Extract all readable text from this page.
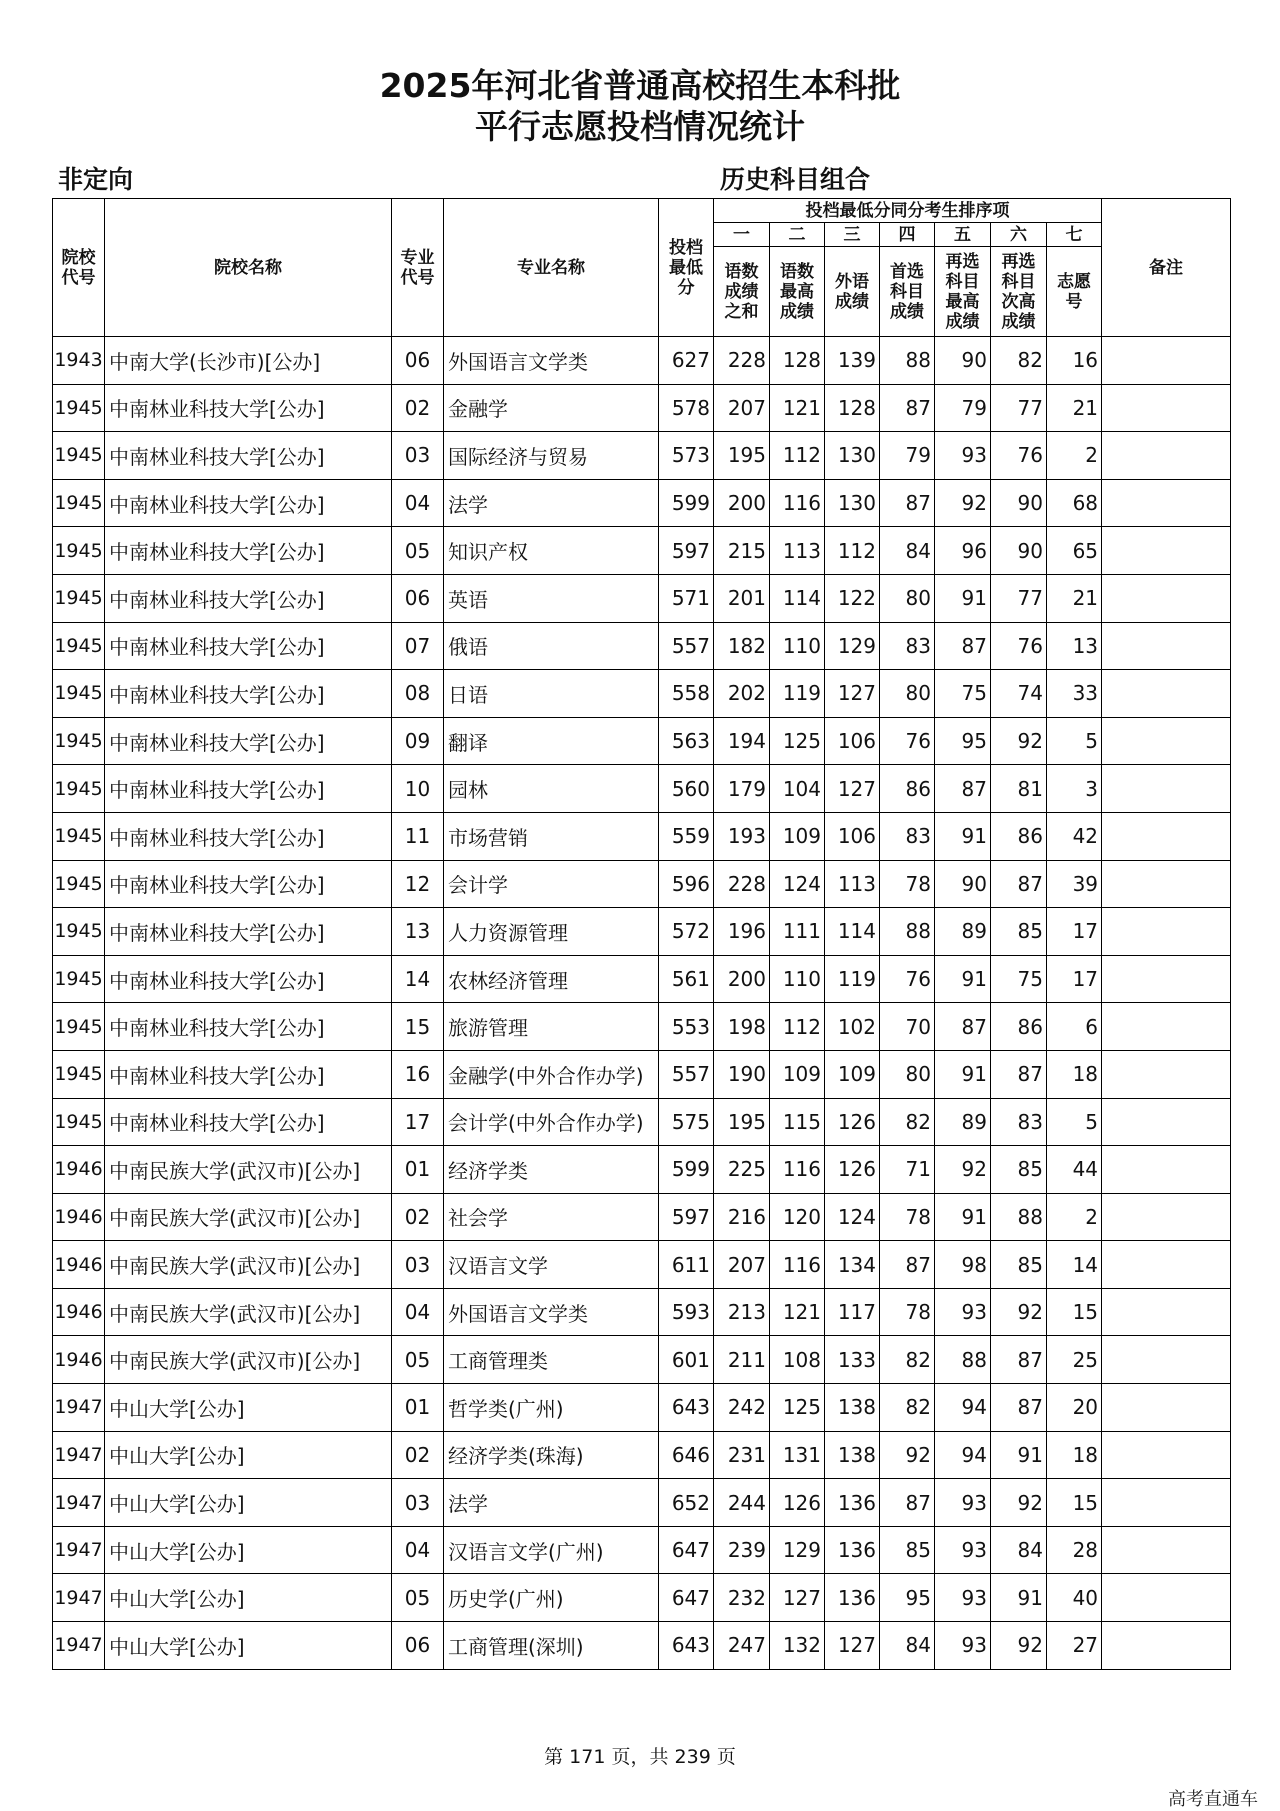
2025年河北省普通高校招生本科批
平行志愿投档情况统计
非定向	历史科目组合
院校代号	院校名称	专业代号	专业名称	投档最低分	投档最低分同分考生排序项							备注
					一	二	三	四	五	六	七	
					语数成绩之和	语数最高成绩	外语成绩	首选科目成绩	再选科目最高成绩	再选科目次高成绩	志愿号	
1943	中南大学(长沙市)[公办]	06	外国语言文学类	627	228	128	139	88	90	82	16	
1945	中南林业科技大学[公办]	02	金融学	578	207	121	128	87	79	77	21	
1945	中南林业科技大学[公办]	03	国际经济与贸易	573	195	112	130	79	93	76	2	
1945	中南林业科技大学[公办]	04	法学	599	200	116	130	87	92	90	68	
1945	中南林业科技大学[公办]	05	知识产权	597	215	113	112	84	96	90	65	
1945	中南林业科技大学[公办]	06	英语	571	201	114	122	80	91	77	21	
1945	中南林业科技大学[公办]	07	俄语	557	182	110	129	83	87	76	13	
1945	中南林业科技大学[公办]	08	日语	558	202	119	127	80	75	74	33	
1945	中南林业科技大学[公办]	09	翻译	563	194	125	106	76	95	92	5	
1945	中南林业科技大学[公办]	10	园林	560	179	104	127	86	87	81	3	
1945	中南林业科技大学[公办]	11	市场营销	559	193	109	106	83	91	86	42	
1945	中南林业科技大学[公办]	12	会计学	596	228	124	113	78	90	87	39	
1945	中南林业科技大学[公办]	13	人力资源管理	572	196	111	114	88	89	85	17	
1945	中南林业科技大学[公办]	14	农林经济管理	561	200	110	119	76	91	75	17	
1945	中南林业科技大学[公办]	15	旅游管理	553	198	112	102	70	87	86	6	
1945	中南林业科技大学[公办]	16	金融学(中外合作办学)	557	190	109	109	80	91	87	18	
1945	中南林业科技大学[公办]	17	会计学(中外合作办学)	575	195	115	126	82	89	83	5	
1946	中南民族大学(武汉市)[公办]	01	经济学类	599	225	116	126	71	92	85	44	
1946	中南民族大学(武汉市)[公办]	02	社会学	597	216	120	124	78	91	88	2	
1946	中南民族大学(武汉市)[公办]	03	汉语言文学	611	207	116	134	87	98	85	14	
1946	中南民族大学(武汉市)[公办]	04	外国语言文学类	593	213	121	117	78	93	92	15	
1946	中南民族大学(武汉市)[公办]	05	工商管理类	601	211	108	133	82	88	87	25	
1947	中山大学[公办]	01	哲学类(广州)	643	242	125	138	82	94	87	20	
1947	中山大学[公办]	02	经济学类(珠海)	646	231	131	138	92	94	91	18	
1947	中山大学[公办]	03	法学	652	244	126	136	87	93	92	15	
1947	中山大学[公办]	04	汉语言文学(广州)	647	239	129	136	85	93	84	28	
1947	中山大学[公办]	05	历史学(广州)	647	232	127	136	95	93	91	40	
1947	中山大学[公办]	06	工商管理(深圳)	643	247	132	127	84	93	92	27	
第 171 页，共 239 页
高考直通车
